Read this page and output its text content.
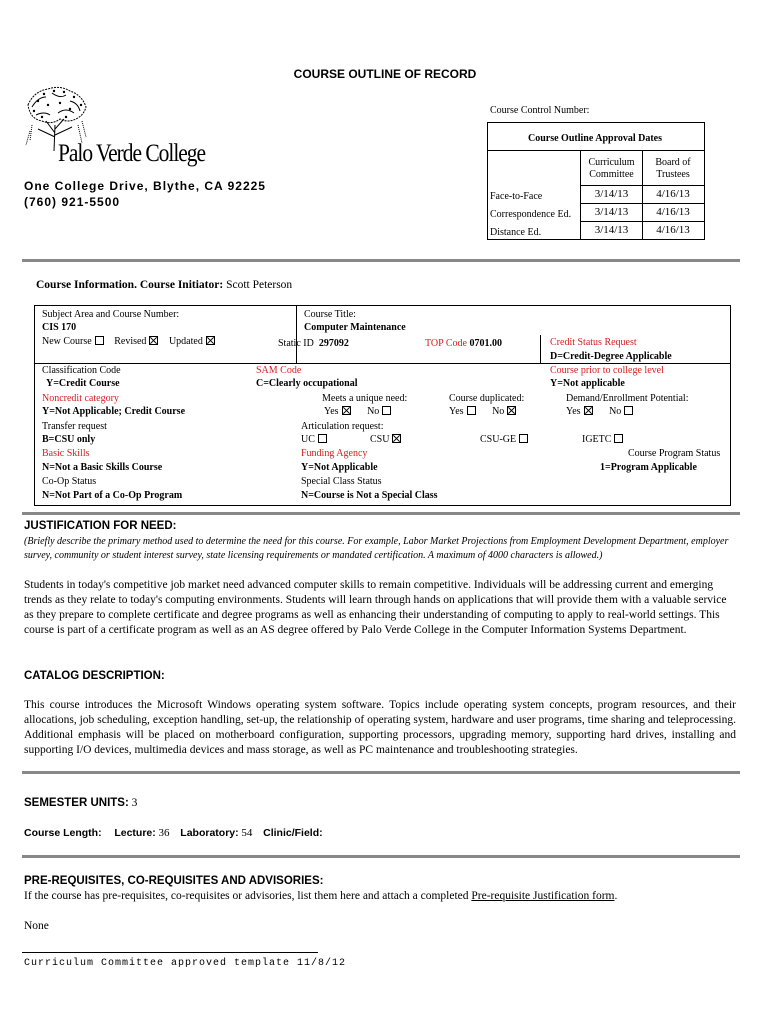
COURSE OUTLINE OF RECORD
Palo Verde College
One College Drive, Blythe, CA 92225
(760) 921-5500
Course Control Number:
Course Outline Approval Dates
Curriculum Committee
Board of Trustees
Face-to-Face	3/14/13	4/16/13
Correspondence Ed.	3/14/13	4/16/13
Distance Ed.	3/14/13	4/16/13
Course Information. Course Initiator: Scott Peterson
Subject Area and Course Number:
CIS 170
New Course Revised Updated
Course Title:
Computer Maintenance
Static ID 297092	TOP Code 0701.00	Credit Status Request
D=Credit-Degree Applicable
Classification Code
Y=Credit Course
SAM Code
C=Clearly occupational
Course prior to college level
Y=Not applicable
Noncredit category
Y=Not Applicable; Credit Course
Meets a unique need:
Yes	No
Course duplicated:
Yes	No
Demand/Enrollment Potential:
Yes	No
Transfer request
B=CSU only
Articulation request:
UC	CSU	CSU-GE	IGETC
Basic Skills
N=Not a Basic Skills Course
Funding Agency
Y=Not Applicable
Course Program Status
1=Program Applicable
Co-Op Status
N=Not Part of a Co-Op Program
Special Class Status
N=Course is Not a Special Class
JUSTIFICATION FOR NEED:
(Briefly describe the primary method used to determine the need for this course. For example, Labor Market Projections from Employment Development Department, employer survey, community or student interest survey, state licensing requirements or mandated certification. A maximum of 4000 characters is allowed.)
Students in today's competitive job market need advanced computer skills to remain competitive. Individuals will be addressing current and emerging trends as they relate to today's computing environments. Students will learn through hands on applications that will provide them with a valuable service as they prepare to complete certificate and degree programs as well as enhancing their understanding of computing to apply to real-world settings. This course is part of a certificate program as well as an AS degree offered by Palo Verde College in the Computer Information Systems Department.
CATALOG DESCRIPTION:
This course introduces the Microsoft Windows operating system software. Topics include operating system concepts, program resources, and their allocations, job scheduling, exception handling, set-up, the relationship of operating system, hardware and user programs, time sharing and teleprocessing. Additional emphasis will be placed on motherboard configuration, supporting processors, upgrading memory, supporting hard drives, installing and supporting I/O devices, multimedia devices and mass storage, as well as PC maintenance and troubleshooting strategies.
SEMESTER UNITS: 3
Course Length: Lecture: 36 Laboratory: 54 Clinic/Field:
PRE-REQUISITES, CO-REQUISITES AND ADVISORIES:
If the course has pre-requisites, co-requisites or advisories, list them here and attach a completed Pre-requisite Justification form.
None
Curriculum Committee approved template 11/8/12
